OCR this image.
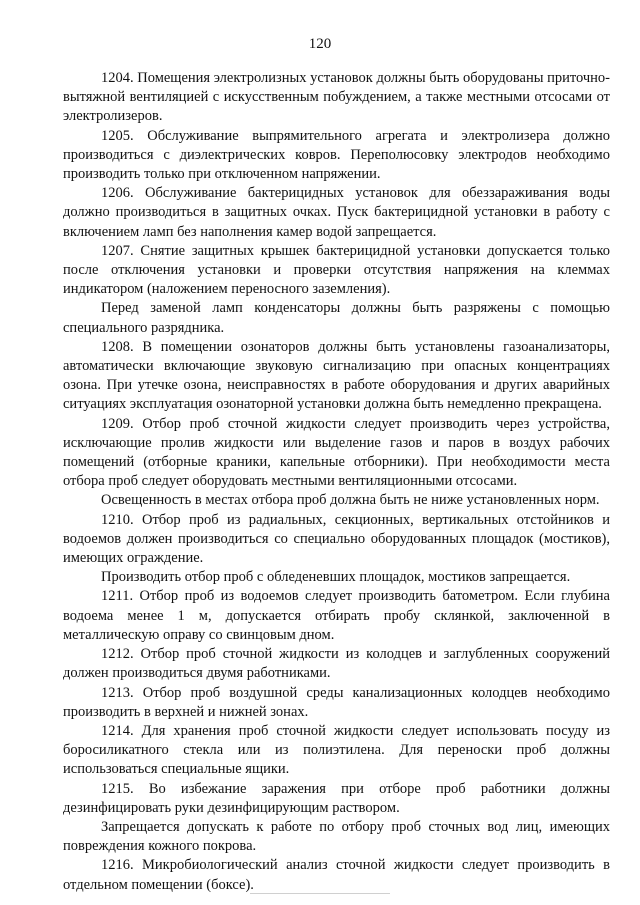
120

1204. Помещения электролизных установок должны быть оборудованы приточно-вытяжной вентиляцией с искусственным побуждением, а также местными отсосами от электролизеров.

1205. Обслуживание выпрямительного агрегата и электролизера должно производиться с диэлектрических ковров. Переполюсовку электродов необходимо производить только при отключенном напряжении.

1206. Обслуживание бактерицидных установок для обеззараживания воды должно производиться в защитных очках. Пуск бактерицидной установки в работу с включением ламп без наполнения камер водой запрещается.

1207. Снятие защитных крышек бактерицидной установки допускается только после отключения установки и проверки отсутствия напряжения на клеммах индикатором (наложением переносного заземления).

Перед заменой ламп конденсаторы должны быть разряжены с помощью специального разрядника.

1208. В помещении озонаторов должны быть установлены газоанализаторы, автоматически включающие звуковую сигнализацию при опасных концентрациях озона. При утечке озона, неисправностях в работе оборудования и других аварийных ситуациях эксплуатация озонаторной установки должна быть немедленно прекращена.

1209. Отбор проб сточной жидкости следует производить через устройства, исключающие пролив жидкости или выделение газов и паров в воздух рабочих помещений (отборные краники, капельные отборники). При необходимости места отбора проб следует оборудовать местными вентиляционными отсосами.

Освещенность в местах отбора проб должна быть не ниже установленных норм.

1210. Отбор проб из радиальных, секционных, вертикальных отстойников и водоемов должен производиться со специально оборудованных площадок (мостиков), имеющих ограждение.

Производить отбор проб с обледеневших площадок, мостиков запрещается.

1211. Отбор проб из водоемов следует производить батометром. Если глубина водоема менее 1 м, допускается отбирать пробу склянкой, заключенной в металлическую оправу со свинцовым дном.

1212. Отбор проб сточной жидкости из колодцев и заглубленных сооружений должен производиться двумя работниками.

1213. Отбор проб воздушной среды канализационных колодцев необходимо производить в верхней и нижней зонах.

1214. Для хранения проб сточной жидкости следует использовать посуду из боросиликатного стекла или из полиэтилена. Для переноски проб должны использоваться специальные ящики.

1215. Во избежание заражения при отборе проб работники должны дезинфицировать руки дезинфицирующим раствором.

Запрещается допускать к работе по отбору проб сточных вод лиц, имеющих повреждения кожного покрова.

1216. Микробиологический анализ сточной жидкости следует производить в отдельном помещении (боксе).
